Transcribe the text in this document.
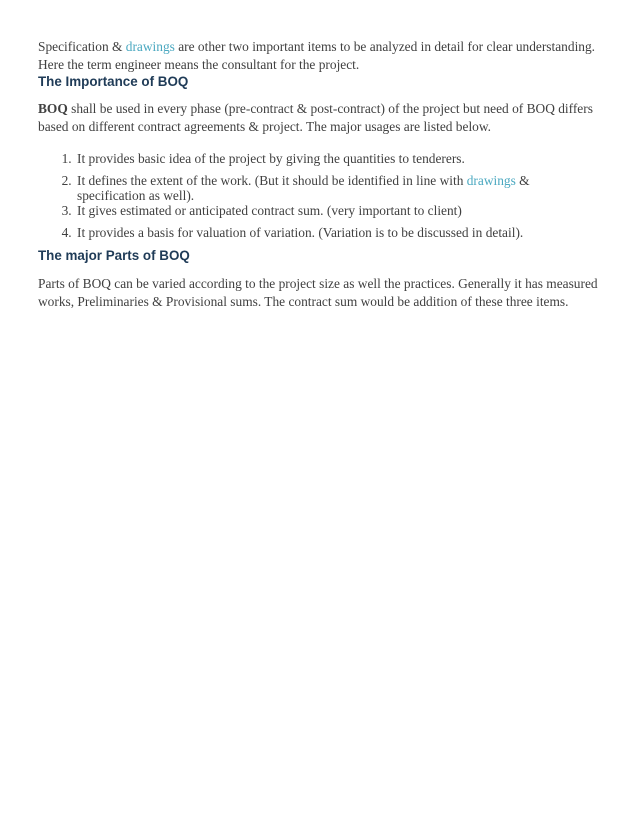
Specification & drawings are other two important items to be analyzed in detail for clear understanding. Here the term engineer means the consultant for the project.

The Importance of BOQ

BOQ shall be used in every phase (pre-contract & post-contract) of the project but need of BOQ differs based on different contract agreements & project. The major usages are listed below.

1. It provides basic idea of the project by giving the quantities to tenderers.
2. It defines the extent of the work. (But it should be identified in line with drawings & specification as well).
3. It gives estimated or anticipated contract sum. (very important to client)
4. It provides a basis for valuation of variation. (Variation is to be discussed in detail).
The major Parts of BOQ

Parts of BOQ can be varied according to the project size as well the practices. Generally it has measured works, Preliminaries & Provisional sums. The contract sum would be addition of these three items.
